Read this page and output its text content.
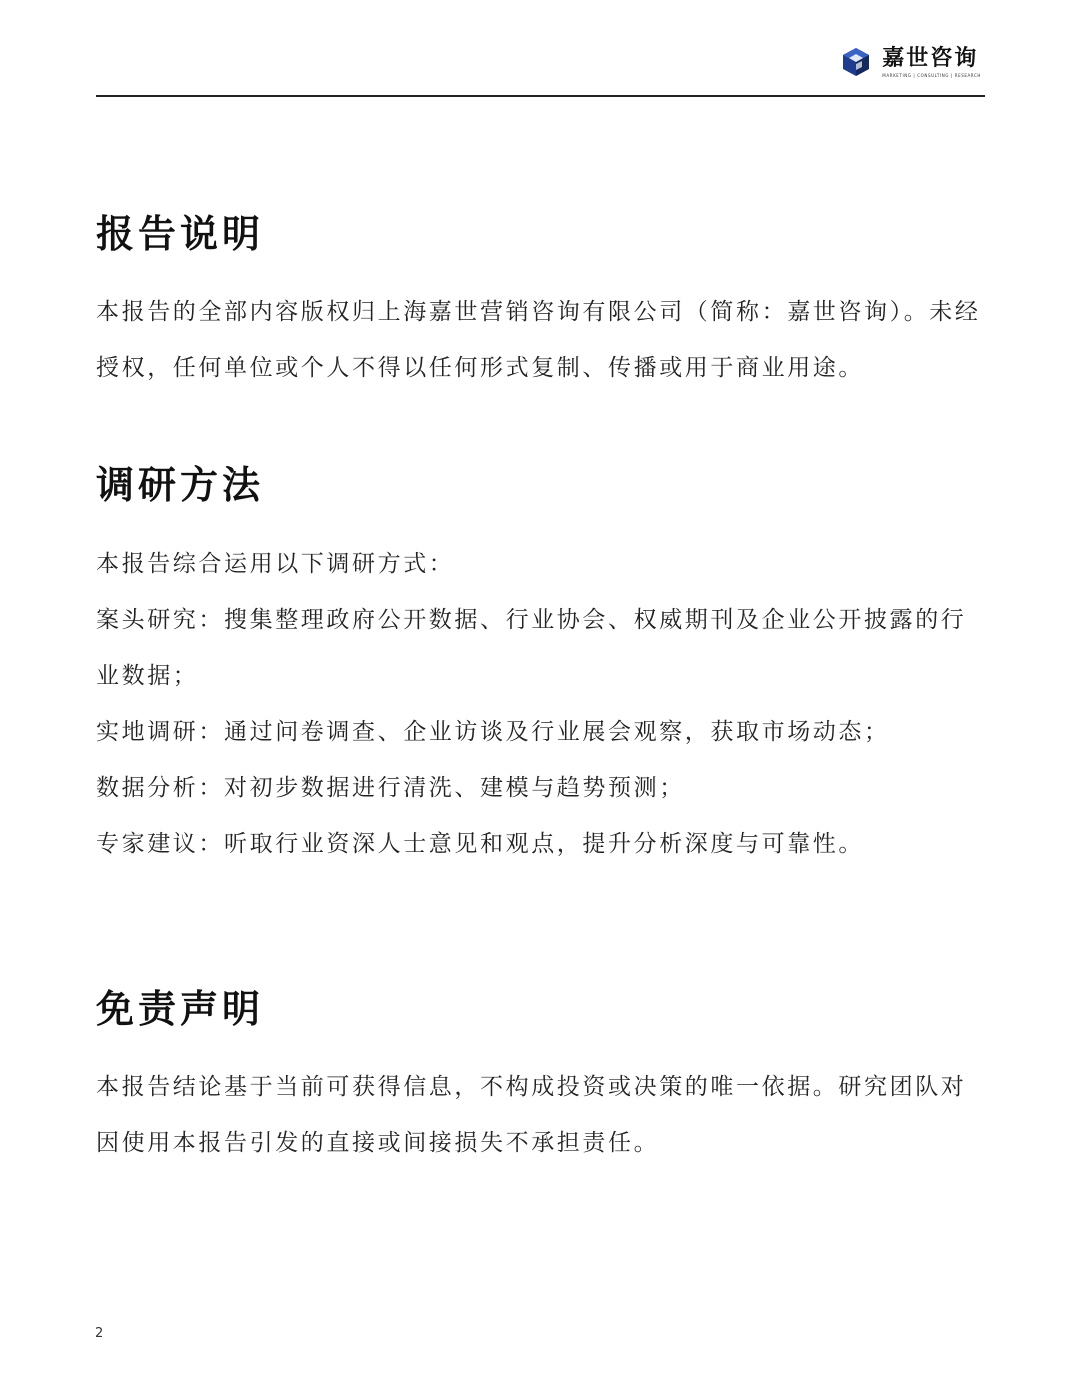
嘉世咨询
MARKETING | CONSULTING | RESEARCH
报告说明

本报告的全部内容版权归上海嘉世营销咨询有限公司（简称：嘉世咨询）。未经授权，任何单位或个人不得以任何形式复制、传播或用于商业用途。

调研方法

本报告综合运用以下调研方式：

案头研究：搜集整理政府公开数据、行业协会、权威期刊及企业公开披露的行业数据；

实地调研：通过问卷调查、企业访谈及行业展会观察，获取市场动态；

数据分析：对初步数据进行清洗、建模与趋势预测；

专家建议：听取行业资深人士意见和观点，提升分析深度与可靠性。

免责声明

本报告结论基于当前可获得信息，不构成投资或决策的唯一依据。研究团队对因使用本报告引发的直接或间接损失不承担责任。

2
